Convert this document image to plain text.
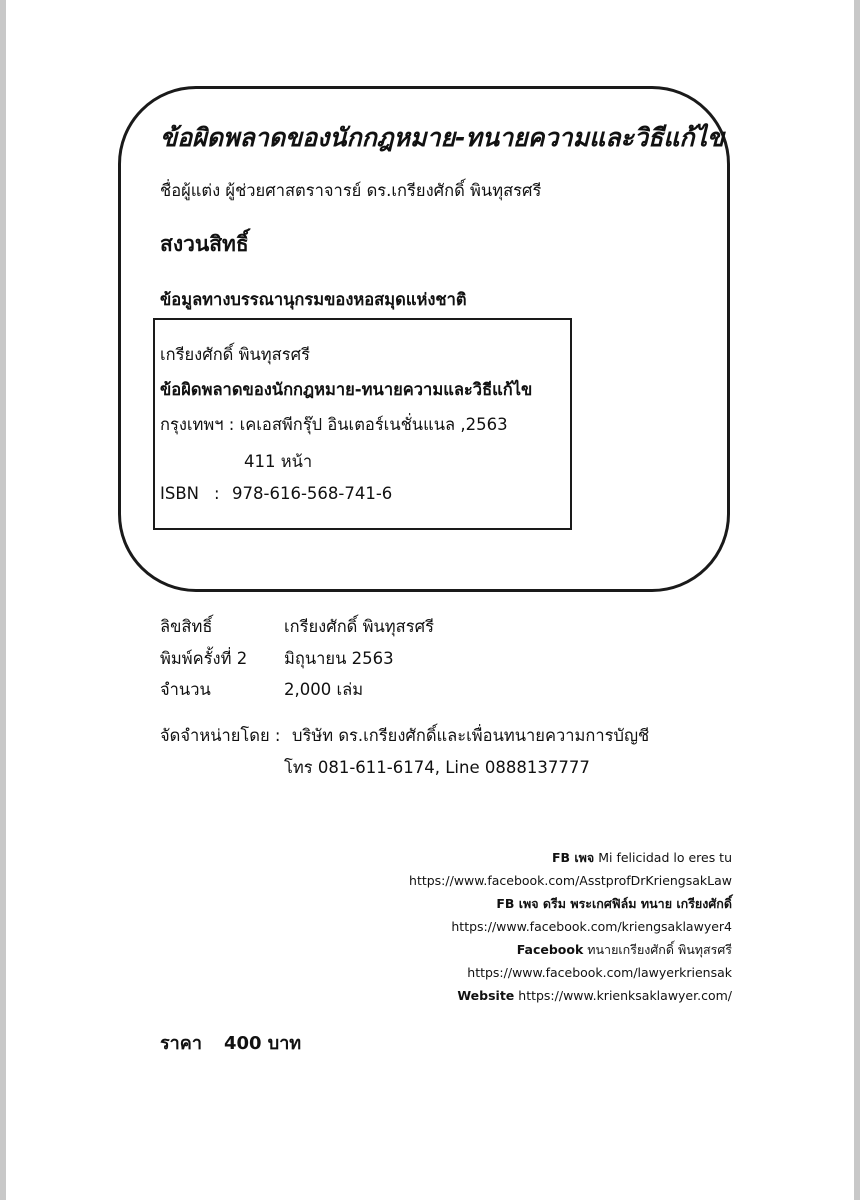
ข้อผิดพลาดของนักกฎหมาย-ทนายความและวิธีแก้ไข
ชื่อผู้แต่ง ผู้ช่วยศาสตราจารย์ ดร.เกรียงศักดิ์ พินทุสรศรี
สงวนสิทธิ์
ข้อมูลทางบรรณานุกรมของหอสมุดแห่งชาติ
เกรียงศักดิ์ พินทุสรศรี
ข้อผิดพลาดของนักกฎหมาย-ทนายความและวิธีแก้ไข
กรุงเทพฯ : เคเอสพีกรุ๊ป อินเตอร์เนชั่นแนล ,2563
411 หน้า
ISBN : 978-616-568-741-6
ลิขสิทธิ์	เกรียงศักดิ์ พินทุสรศรี
พิมพ์ครั้งที่ 2 มิถุนายน 2563
จำนวน	2,000 เล่ม
จัดจำหน่ายโดย : บริษัท ดร.เกรียงศักดิ์และเพื่อนทนายความการบัญชี
โทร 081-611-6174, Line 0888137777
FB เพจ Mi felicidad lo eres tu
https://www.facebook.com/AsstprofDrKriengsakLaw
FB เพจ ดรีม พระเกศฟิล์ม ทนาย เกรียงศักดิ์
https://www.facebook.com/kriengsaklawyer4
Facebook ทนายเกรียงศักดิ์ พินทุสรศรี
https://www.facebook.com/lawyerkriensak
Website https://www.krienksaklawyer.com/
ราคา 400 บาท
